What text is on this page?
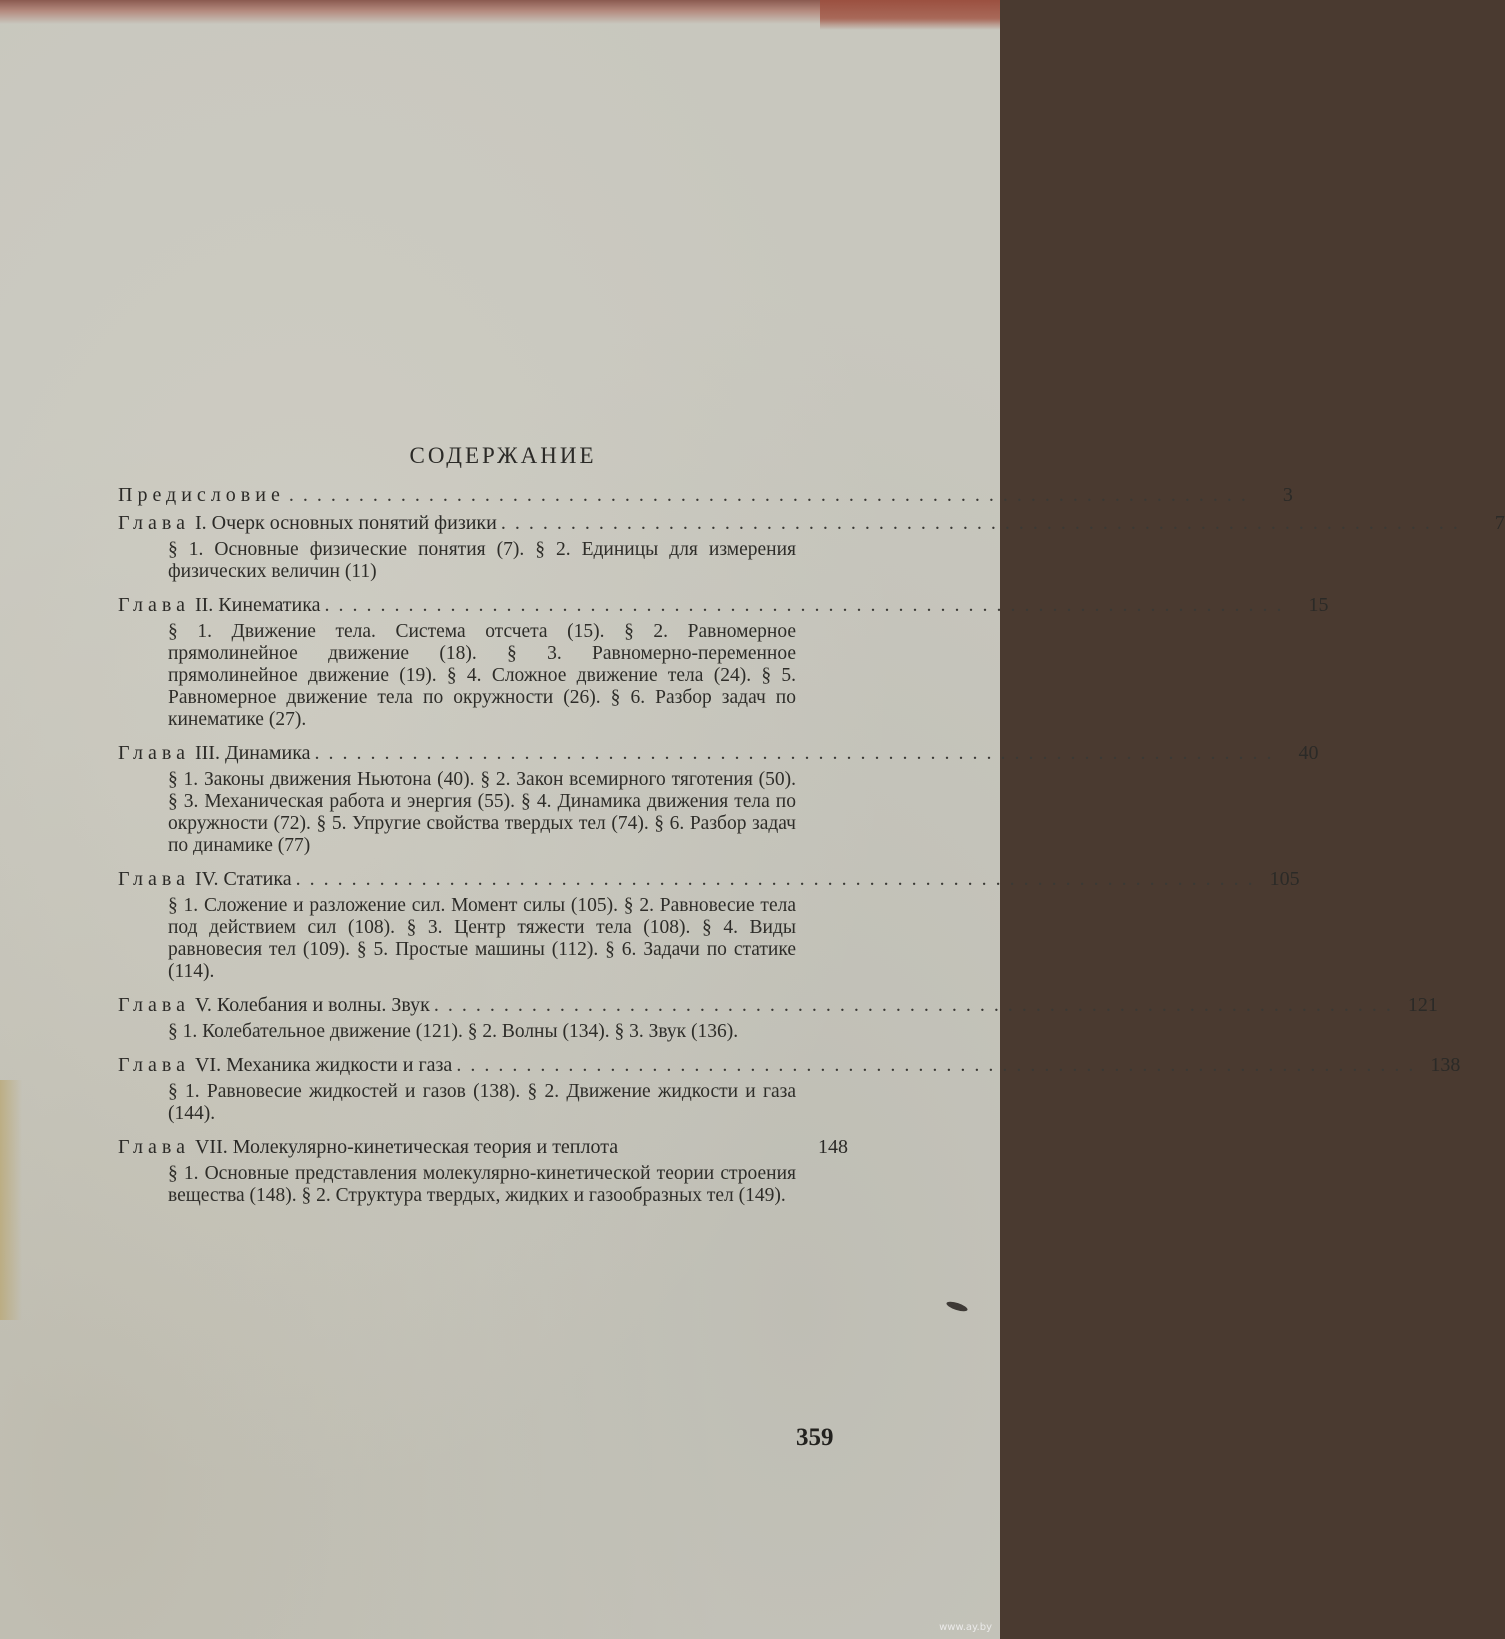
СОДЕРЖАНИЕ
Предисловие .....................................................................	3
Глава I. Очерк основных понятий физики .....................................................................	7
§ 1. Основные физические понятия (7). § 2. Единицы для измерения физических величин (11)
Глава II. Кинематика ..................................................................... 15
§ 1. Движение тела. Система отсчета (15). § 2. Равномерное прямолинейное движение (18). § 3. Равномерно-переменное прямолинейное движение (19). § 4. Сложное движение тела (24). § 5. Равномерное движение тела по окружности (26). § 6. Разбор задач по кинематике (27).
Глава III. Динамика ..................................................................... 40
§ 1. Законы движения Ньютона (40). § 2. Закон всемирного тяготения (50). § 3. Механическая работа и энергия (55). § 4. Динамика движения тела по окружности (72). § 5. Упругие свойства твердых тел (74). § 6. Разбор задач по динамике (77)
Глава IV. Статика ..................................................................... 105
§ 1. Сложение и разложение сил. Момент силы (105). § 2. Равновесие тела под действием сил (108). § 3. Центр тяжести тела (108). § 4. Виды равновесия тел (109). § 5. Простые машины (112). § 6. Задачи по статике (114).
Глава V. Колебания и волны. Звук ..................................................................... 121
§ 1. Колебательное движение (121). § 2. Волны (134). § 3. Звук (136).
Глава VI. Механика жидкости и газа ..................................................................... 138
§ 1. Равновесие жидкостей и газов (138). § 2. Движение жидкости и газа (144).
Глава VII. Молекулярно-кинетическая теория и теплота	148
§ 1. Основные представления молекулярно-кинетической теории строения вещества (148). § 2. Структура твердых, жидких и газообразных тел (149).
359
www.ay.by
